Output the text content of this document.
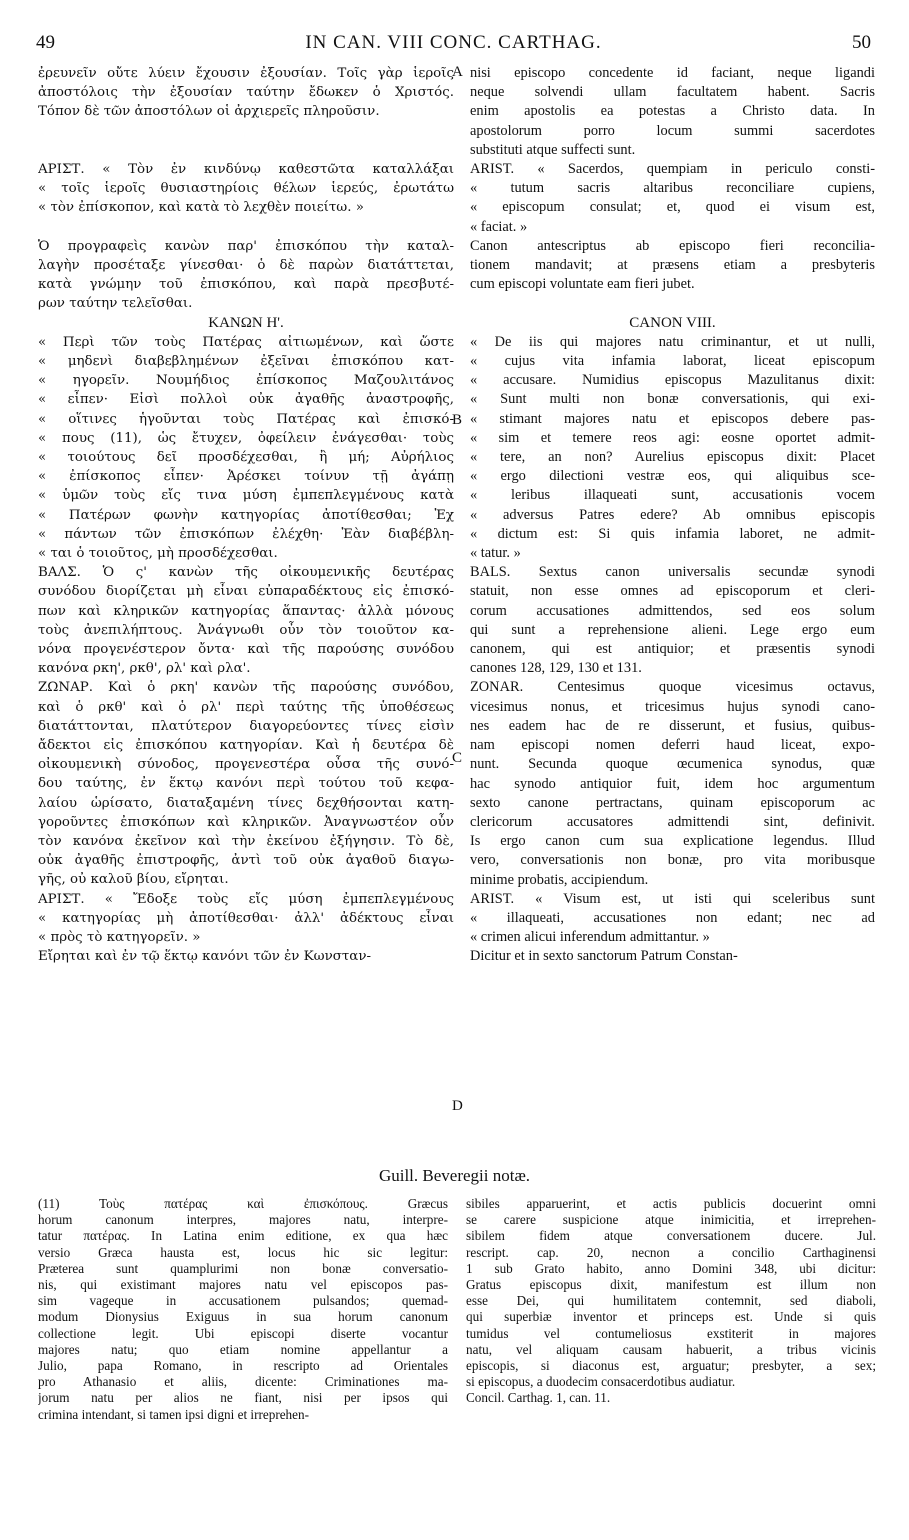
49	IN CAN. VIII CONC. CARTHAG.	50
ἐρευνεῖν οὔτε λύειν ἔχουσιν ἐξουσίαν. Τοῖς γὰρ ἱεροῖς
ἀποστόλοις τὴν ἐξουσίαν ταύτην ἔδωκεν ὁ Χριστός.
Τόπον δὲ τῶν ἀποστόλων οἱ ἀρχιερεῖς πληροῦσιν.
ΑΡΙΣΤ. « Τὸν ἐν κινδύνῳ καθεστῶτα καταλλάξαι
« τοῖς ἱεροῖς θυσιαστηρίοις θέλων ἱερεύς, ἐρωτάτω
« τὸν ἐπίσκοπον, καὶ κατὰ τὸ λεχθὲν ποιείτω. »
Ὁ προγραφεὶς κανὼν παρ' ἐπισκόπου τὴν καταλ-
λαγὴν προσέταξε γίνεσθαι· ὁ δὲ παρὼν διατάττεται,
κατὰ γνώμην τοῦ ἐπισκόπου, καὶ παρὰ πρεσβυτέ-
ρων ταύτην τελεῖσθαι.
ΚΑΝΩΝ Η'.
« Περὶ τῶν τοὺς Πατέρας αἰτιωμένων, καὶ ὥστε
« μηδενὶ διαβεβλημένων ἐξεῖναι ἐπισκόπου κατ-
« ηγορεῖν. Νουμήδιος ἐπίσκοπος Μαζουλιτάνος
« εἶπεν· Εἰσὶ πολλοὶ οὐκ ἀγαθῆς ἀναστροφῆς,
« οἵτινες ἡγοῦνται τοὺς Πατέρας καὶ ἐπισκό-
« πους (11), ὡς ἔτυχεν, ὀφείλειν ἐνάγεσθαι· τοὺς
« τοιούτους δεῖ προσδέχεσθαι, ἢ μή; Αὐρήλιος
« ἐπίσκοπος εἶπεν· Ἀρέσκει τοίνυν τῇ ἀγάπῃ
« ὑμῶν τοὺς εἴς τινα μύση ἐμπεπλεγμένους κατὰ
« Πατέρων φωνὴν κατηγορίας ἀποτίθεσθαι; Ἐχ
« πάντων τῶν ἐπισκόπων ἐλέχθη· Ἐὰν διαβέβλη-
« ται ὁ τοιοῦτος, μὴ προσδέχεσθαι.
ΒΑΛΣ. Ὁ ς' κανὼν τῆς οἰκουμενικῆς δευτέρας
συνόδου διορίζεται μὴ εἶναι εὐπαραδέκτους εἰς ἐπισκό-
πων καὶ κληρικῶν κατηγορίας ἅπαντας· ἀλλὰ μόνους
τοὺς ἀνεπιλήπτους. Ἀνάγνωθι οὖν τὸν τοιοῦτον κα-
νόνα προγενέστερον ὄντα· καὶ τῆς παρούσης συνόδου
κανόνα ρκη', ρκθ', ρλ' καὶ ρλα'.
ΖΩΝΑΡ. Καὶ ὁ ρκη' κανὼν τῆς παρούσης συνόδου,
καὶ ὁ ρκθ' καὶ ὁ ρλ' περὶ ταύτης τῆς ὑποθέσεως
διατάττονται, πλατύτερον διαγορεύοντες τίνες εἰσὶν
ἄδεκτοι εἰς ἐπισκόπου κατηγορίαν. Καὶ ἡ δευτέρα δὲ
οἰκουμενικὴ σύνοδος, προγενεστέρα οὖσα τῆς συνό-
δου ταύτης, ἐν ἕκτῳ κανόνι περὶ τούτου τοῦ κεφα-
λαίου ὡρίσατο, διαταξαμένη τίνες δεχθήσονται κατη-
γοροῦντες ἐπισκόπων καὶ κληρικῶν. Ἀναγνωστέον οὖν
τὸν κανόνα ἐκεῖνον καὶ τὴν ἐκείνου ἐξήγησιν. Τὸ δὲ,
οὐκ ἀγαθῆς ἐπιστροφῆς, ἀντὶ τοῦ οὐκ ἀγαθοῦ διαγω-
γῆς, οὐ καλοῦ βίου, εἴρηται.
ΑΡΙΣΤ. « Ἔδοξε τοὺς εἴς μύση ἐμπεπλεγμένους
« κατηγορίας μὴ ἀποτίθεσθαι· ἀλλ' ἀδέκτους εἶναι
« πρὸς τὸ κατηγορεῖν. »
Εἴρηται καὶ ἐν τῷ ἕκτῳ κανόνι τῶν ἐν Κωνσταν-
nisi episcopo concedente id faciant, neque ligandi
neque solvendi ullam facultatem habent. Sacris
enim apostolis ea potestas a Christo data. In
apostolorum porro locum summi sacerdotes
substituti atque suffecti sunt.
ARIST. « Sacerdos, quempiam in periculo consti-
« tutum sacris altaribus reconciliare cupiens,
« episcopum consulat; et, quod ei visum est,
« faciat. »
Canon antescriptus ab episcopo fieri reconcilia-
tionem mandavit; at præsens etiam a presbyteris
cum episcopi voluntate eam fieri jubet.
CANON VIII.
« De iis qui majores natu criminantur, et ut nulli,
« cujus vita infamia laborat, liceat episcopum
« accusare. Numidius episcopus Mazulitanus dixit:
« Sunt multi non bonæ conversationis, qui exi-
« stimant majores natu et episcopos debere pas-
« sim et temere reos agi: eosne oportet admit-
« tere, an non? Aurelius episcopus dixit: Placet
« ergo dilectioni vestræ eos, qui aliquibus sce-
« leribus illaqueati sunt, accusationis vocem
« adversus Patres edere? Ab omnibus episcopis
« dictum est: Si quis infamia laboret, ne admit-
« tatur. »
BALS. Sextus canon universalis secundæ synodi
statuit, non esse omnes ad episcoporum et cleri-
corum accusationes admittendos, sed eos solum
qui sunt a reprehensione alieni. Lege ergo eum
canonem, qui est antiquior; et præsentis synodi
canones 128, 129, 130 et 131.
ZONAR. Centesimus quoque vicesimus octavus,
vicesimus nonus, et tricesimus hujus synodi cano-
nes eadem hac de re disserunt, et fusius, quibus-
nam episcopi nomen deferri haud liceat, expo-
nunt. Secunda quoque œcumenica synodus, quæ
hac synodo antiquior fuit, idem hoc argumentum
sexto canone pertractans, quinam episcoporum ac
clericorum accusatores admittendi sint, definivit.
Is ergo canon cum sua explicatione legendus. Illud
vero, conversationis non bonæ, pro vita moribusque
minime probatis, accipiendum.
ARIST. « Visum est, ut isti qui sceleribus sunt
« illaqueati, accusationes non edant; nec ad
« crimen alicui inferendum admittantur. »
Dicitur et in sexto sanctorum Patrum Constan-
A
B
C
D
Guill. Beveregii notæ.
(11) Τοὺς πατέρας καὶ ἐπισκόπους. Græcus
horum canonum interpres, majores natu, interpre-
tatur πατέρας. In Latina enim editione, ex qua hæc
versio Græca hausta est, locus hic sic legitur:
Præterea sunt quamplurimi non bonæ conversatio-
nis, qui existimant majores natu vel episcopos pas-
sim vageque in accusationem pulsandos; quemad-
modum Dionysius Exiguus in sua horum canonum
collectione legit. Ubi episcopi diserte vocantur
majores natu; quo etiam nomine appellantur a
Julio, papa Romano, in rescripto ad Orientales
pro Athanasio et aliis, dicente: Criminationes ma-
jorum natu per alios ne fiant, nisi per ipsos qui
crimina intendant, si tamen ipsi digni et irreprehen-
sibiles apparuerint, et actis publicis docuerint omni
se carere suspicione atque inimicitia, et irreprehen-
sibilem fidem atque conversationem ducere. Jul.
rescript. cap. 20, necnon a concilio Carthaginensi
1 sub Grato habito, anno Domini 348, ubi dicitur:
Gratus episcopus dixit, manifestum est illum non
esse Dei, qui humilitatem contemnit, sed diaboli,
qui superbiæ inventor et princeps est. Unde si quis
tumidus vel contumeliosus exstiterit in majores
natu, vel aliquam causam habuerit, a tribus vicinis
episcopis, si diaconus est, arguatur; presbyter, a sex;
si episcopus, a duodecim consacerdotibus audiatur.
Concil. Carthag. 1, can. 11.
